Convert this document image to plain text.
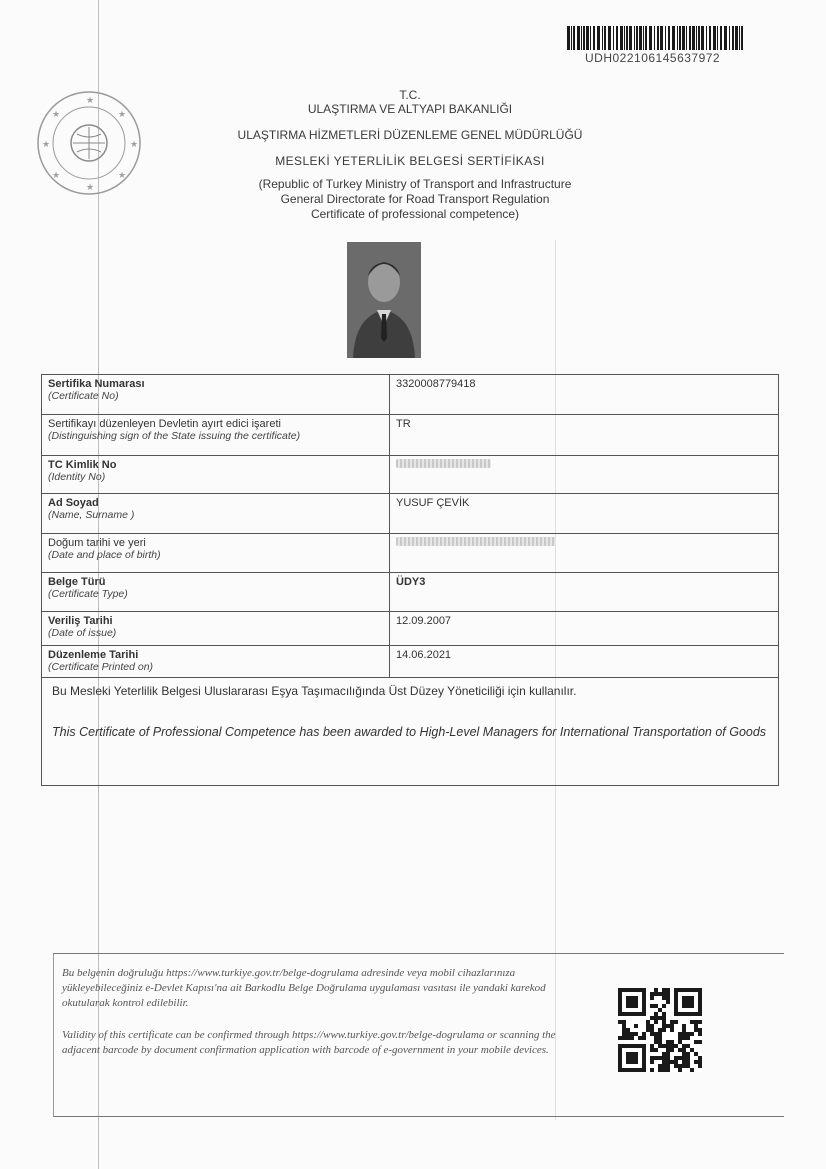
UDH022106145637972
★
★
★
★
★
★
★
★
T.C.
ULAŞTIRMA VE ALTYAPI BAKANLIĞI
ULAŞTIRMA HİZMETLERİ DÜZENLEME GENEL MÜDÜRLÜĞÜ
MESLEKİ YETERLİLİK BELGESİ SERTİFİKASI
(Republic of Turkey Ministry of Transport and Infrastructure
General Directorate for Road Transport Regulation
Certificate of professional competence)
Sertifika Numarası
(Certificate No)	3320008779418

Sertifikayı düzenleyen Devletin ayırt edici işareti
(Distinguishing sign of the State issuing the certificate)	TR

TC Kimlik No
(Identity No)	

Ad Soyad
(Name, Surname )	YUSUF ÇEVİK

Doğum tarihi ve yeri
(Date and place of birth)	

Belge Türü
(Certificate Type)	ÜDY3

Veriliş Tarihi
(Date of issue)	12.09.2007

Düzenleme Tarihi
(Certificate Printed on)	14.06.2021

Bu Mesleki Yeterlilik Belgesi Uluslararası Eşya Taşımacılığında Üst Düzey Yöneticiliği için kullanılır.
This Certificate of Professional Competence has been awarded to High-Level Managers for International Transportation of Goods	
Bu belgenin doğruluğu https://www.turkiye.gov.tr/belge-dogrulama adresinde veya mobil cihazlarınıza yükleyebileceğiniz e-Devlet Kapısı'na ait Barkodlu Belge Doğrulama uygulaması vasıtası ile yandaki karekod okutularak kontrol edilebilir.
Validity of this certificate can be confirmed through https://www.turkiye.gov.tr/belge-dogrulama or scanning the adjacent barcode by document confirmation application with barcode of e-government in your mobile devices.
